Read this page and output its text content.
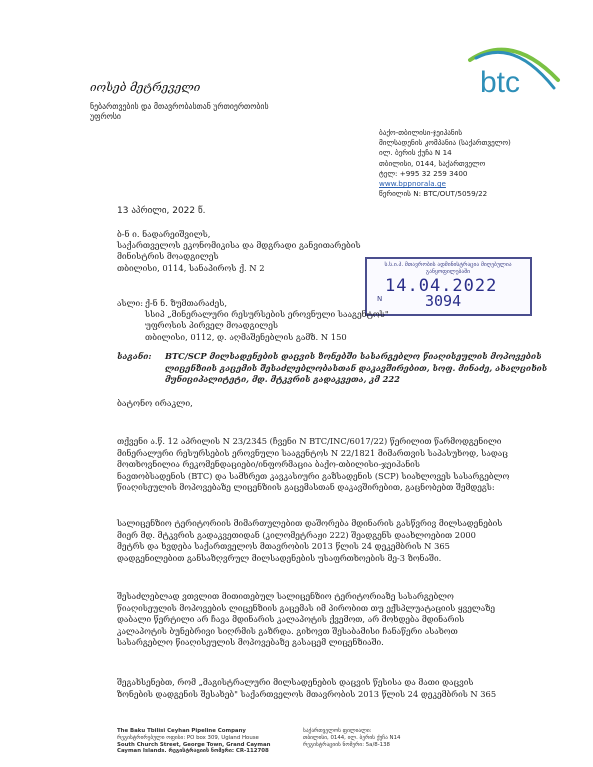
იოსებ მეტრეველი
ნებართვების და მთავრობასთან ურთიერთობის
უფროსი
btc
ბაქო-თბილისი-ჯეიჰანის
მილსადენის კომპანია (საქართველო)
ილ. ბერის ქუჩა N 14
თბილისი, 0144, საქართველო
ტელ: +995 32 259 3400
www.bppnorala.ge
წერილის N: BTC/OUT/5059/22
13 აპრილი, 2022 წ.
ბ-ნ ი. ნადარეიშვილს,
საქართველოს ეკონომიკისა და მდგრადი განვითარების
მინისტრის მოადგილეს
თბილისი, 0114, სანაპიროს ქ. N 2	ს.ს.ი.პ. მთავრობის ადმინისტრაცია მიღებულია განყოფილებაში
14.04.2022
N	3094
ასლი: ქ-ნ ნ. ზუმთარაძეს,
სსიპ „მინერალური რესურსების ეროვნული სააგენტოს"
უფროსის პირველ მოადგილეს
თბილისი, 0112, დ. აღმაშენებლის გამზ. N 150
საგანი: BTC/SCP მილსადენების დაცვის ზონებში სასარგებლო წიაღისეულის მოპოვების
ლიცენზიის გაცემის შესაძლებლობასთან დაკავშირებით, სოფ. მინაძე, ახალციხის
მუნიციპალიტეტი, მდ. მტკვრის გადაკვეთა, კმ 222
ბატონო ირაკლი,
თქვენი ა.წ. 12 აპრილის N 23/2345 (ჩვენი N BTC/INC/6017/22) წერილით წარმოდგენილი
მინერალური რესურსების ეროვნული სააგენტოს N 22/1821 მიმართვის საპასუხოდ, სადაც
მოთხოვნილია რეკომენდაციები/ინფორმაცია ბაქო-თბილისი-ჯეიჰანის
ნავთობსადენის (BTC) და სამხრეთ კავკასიური გაზსადენის (SCP) სიახლოვეს სასარგებლო
წიაღისეულის მოპოვებაზე ლიცენზიის გაცემასთან დაკავშირებით, გაცნობებთ შემდეგს:
სალიცენზიო ტერიტორიის მიმართულებით დაშორება მდინარის გასწვრივ მილსადენების
მიერ მდ. მტკვრის გადაკვეთიდან (კილომეტრაჟი 222) შეადგენს დაახლოებით 2000
მეტრს და ხვდება საქართველოს მთავრობის 2013 წლის 24 დეკემბრის N 365
დადგენილებით განსაზღვრულ მილსადენების უსაფრთხოების მე-3 ზონაში.
შესაძლებლად ვთვლით მითითებულ სალიცენზიო ტერიტორიაზე სასარგებლო
წიაღისეულის მოპოვების ლიცენზიის გაცემას იმ პირობით თუ ექსპლუატაციის ყველაზე
დაბალი წერტილი არ ჩავა მდინარის კალაპოტის ქვემოთ, არ მოხდება მდინარის
კალაპოტის ბუნებრივი სიღრმის გაზრდა. გიხოვთ შესაბამისი ჩანაწერი ასახოთ
სასარგებლო წიაღისეულის მოპოვებაზე გასაცემ ლიცენზიაში.
შეგახსენებთ, რომ „მაგისტრალური მილსადენების დაცვის წესისა და მათი დაცვის
ზონების დადგენის შესახებ" საქართველოს მთავრობის 2013 წლის 24 დეკემბრის N 365
The Baku Tbilisi Ceyhan Pipeline Company
რეგისტრირებული ოფისი: PO box 309, Ugland House
South Church Street, George Town, Grand Cayman
Cayman Islands. რეგისტრაციის ნომერი: CR-112708
საქართველოს ფილიალი:
თბილისი, 0144, ილ. ბერის ქუჩა N14
რეგისტრაციის ნომერი: 5a/8-138
